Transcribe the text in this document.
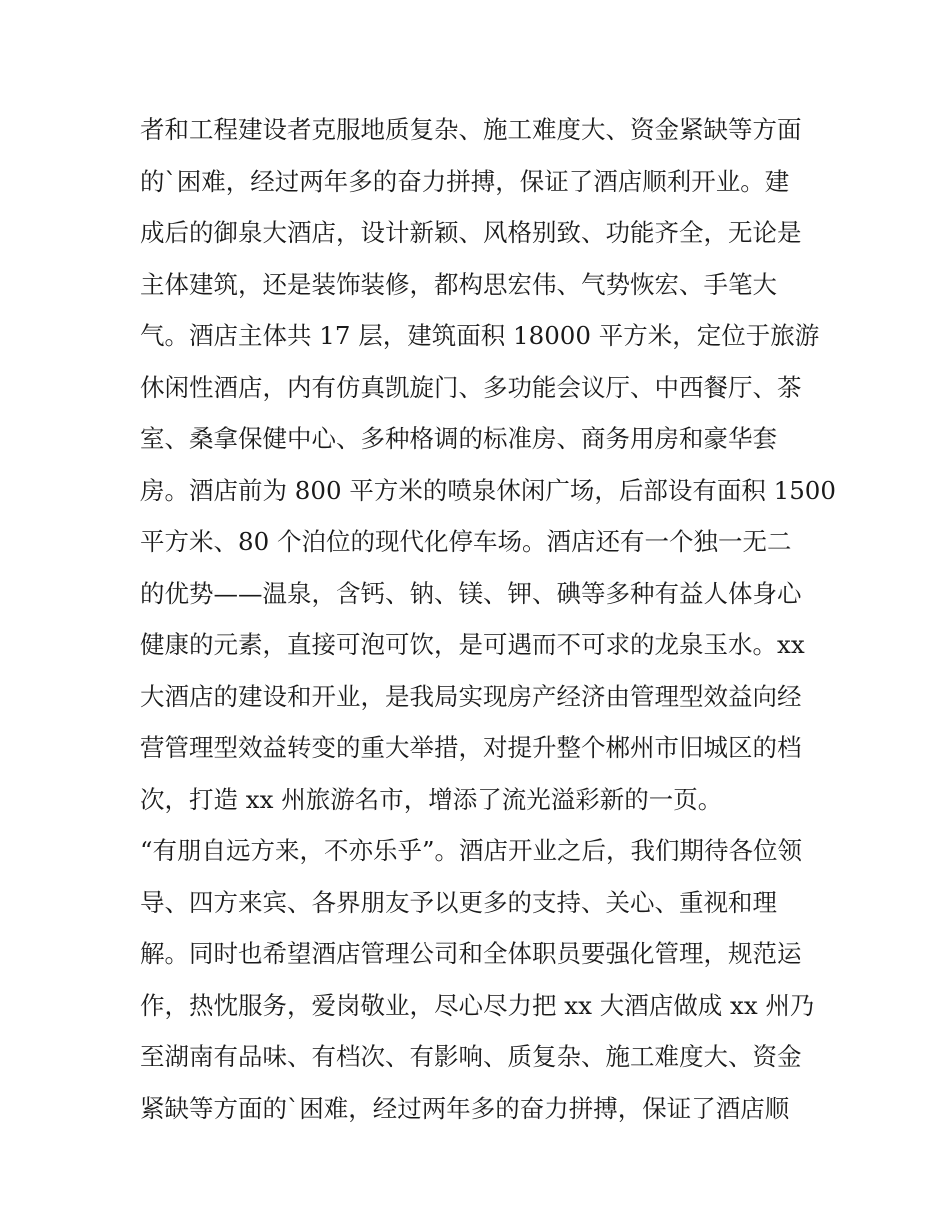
者和工程建设者克服地质复杂、施工难度大、资金紧缺等方面
的`困难，经过两年多的奋力拼搏，保证了酒店顺利开业。建
成后的御泉大酒店，设计新颖、风格别致、功能齐全，无论是
主体建筑，还是装饰装修，都构思宏伟、气势恢宏、手笔大
气。酒店主体共 17 层，建筑面积 18000 平方米，定位于旅游
休闲性酒店，内有仿真凯旋门、多功能会议厅、中西餐厅、茶
室、桑拿保健中心、多种格调的标准房、商务用房和豪华套
房。酒店前为 800 平方米的喷泉休闲广场，后部设有面积 1500
平方米、80 个泊位的现代化停车场。酒店还有一个独一无二
的优势——温泉，含钙、钠、镁、钾、碘等多种有益人体身心
健康的元素，直接可泡可饮，是可遇而不可求的龙泉玉水。xx
大酒店的建设和开业，是我局实现房产经济由管理型效益向经
营管理型效益转变的重大举措，对提升整个郴州市旧城区的档
次，打造 xx 州旅游名市，增添了流光溢彩新的一页。
“有朋自远方来，不亦乐乎”。酒店开业之后，我们期待各位领
导、四方来宾、各界朋友予以更多的支持、关心、重视和理
解。同时也希望酒店管理公司和全体职员要强化管理，规范运
作，热忱服务，爱岗敬业，尽心尽力把 xx 大酒店做成 xx 州乃
至湖南有品味、有档次、有影响、质复杂、施工难度大、资金
紧缺等方面的`困难，经过两年多的奋力拼搏，保证了酒店顺
